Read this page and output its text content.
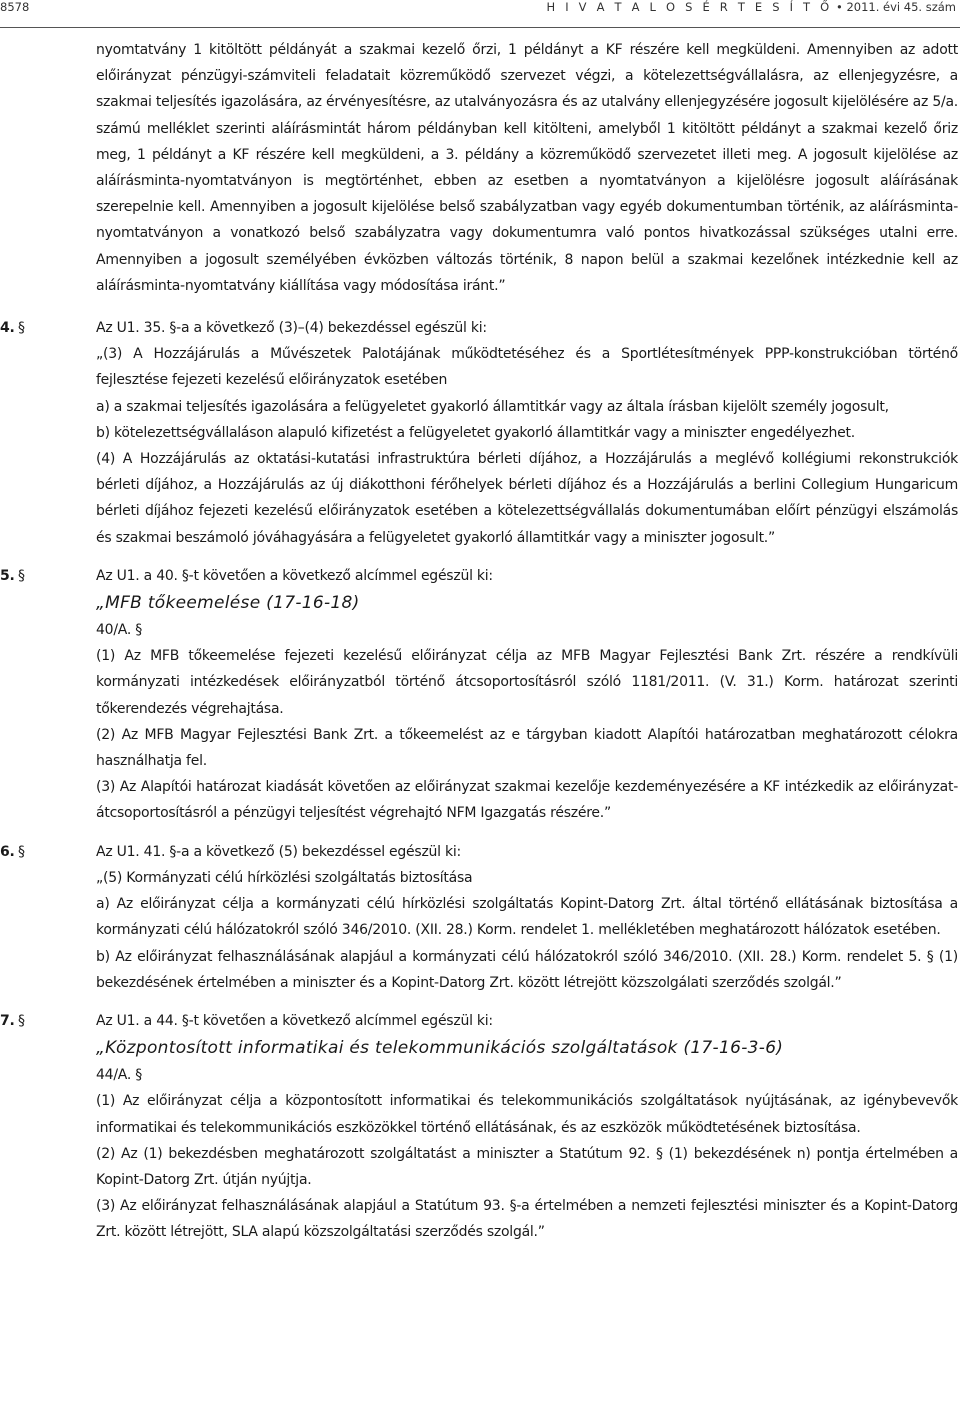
8578	H I V A T A L O S É R T E S Í T Ő • 2011. évi 45. szám

nyomtatvány 1 kitöltött példányát a szakmai kezelő őrzi, 1 példányt a KF részére kell megküldeni. Amennyiben az adott előirányzat pénzügyi-számviteli feladatait közreműködő szervezet végzi, a kötelezettségvállalásra, az ellenjegyzésre, a szakmai teljesítés igazolására, az érvényesítésre, az utalványozásra és az utalvány ellenjegyzésére jogosult kijelölésére az 5/a. számú melléklet szerinti aláírásmintát három példányban kell kitölteni, amelyből 1 kitöltött példányt a szakmai kezelő őriz meg, 1 példányt a KF részére kell megküldeni, a 3. példány a közreműködő szervezetet illeti meg. A jogosult kijelölése az aláírásminta-nyomtatványon is megtörténhet, ebben az esetben a nyomtatványon a kijelölésre jogosult aláírásának szerepelnie kell. Amennyiben a jogosult kijelölése belső szabályzatban vagy egyéb dokumentumban történik, az aláírásminta-nyomtatványon a vonatkozó belső szabályzatra vagy dokumentumra való pontos hivatkozással szükséges utalni erre. Amennyiben a jogosult személyében évközben változás történik, 8 napon belül a szakmai kezelőnek intézkednie kell az aláírásminta-nyomtatvány kiállítása vagy módosítása iránt.”

4. §	Az U1. 35. §-a a következő (3)–(4) bekezdéssel egészül ki:

„(3) A Hozzájárulás a Művészetek Palotájának működtetéséhez és a Sportlétesítmények PPP-konstrukcióban történő fejlesztése fejezeti kezelésű előirányzatok esetében

a) a szakmai teljesítés igazolására a felügyeletet gyakorló államtitkár vagy az általa írásban kijelölt személy jogosult,

b) kötelezettségvállaláson alapuló kifizetést a felügyeletet gyakorló államtitkár vagy a miniszter engedélyezhet.

(4) A Hozzájárulás az oktatási-kutatási infrastruktúra bérleti díjához, a Hozzájárulás a meglévő kollégiumi rekonstrukciók bérleti díjához, a Hozzájárulás az új diákotthoni férőhelyek bérleti díjához és a Hozzájárulás a berlini Collegium Hungaricum bérleti díjához fejezeti kezelésű előirányzatok esetében a kötelezettségvállalás dokumentumában előírt pénzügyi elszámolás és szakmai beszámoló jóváhagyására a felügyeletet gyakorló államtitkár vagy a miniszter jogosult.”

5. §	Az U1. a 40. §-t követően a következő alcímmel egészül ki:

„MFB tőkeemelése (17-16-18)

40/A. §

(1) Az MFB tőkeemelése fejezeti kezelésű előirányzat célja az MFB Magyar Fejlesztési Bank Zrt. részére a rendkívüli kormányzati intézkedések előirányzatból történő átcsoportosításról szóló 1181/2011. (V. 31.) Korm. határozat szerinti tőkerendezés végrehajtása.

(2) Az MFB Magyar Fejlesztési Bank Zrt. a tőkeemelést az e tárgyban kiadott Alapítói határozatban meghatározott célokra használhatja fel.

(3) Az Alapítói határozat kiadását követően az előirányzat szakmai kezelője kezdeményezésére a KF intézkedik az előirányzat-átcsoportosításról a pénzügyi teljesítést végrehajtó NFM Igazgatás részére.”

6. §	Az U1. 41. §-a a következő (5) bekezdéssel egészül ki:

„(5) Kormányzati célú hírközlési szolgáltatás biztosítása

a) Az előirányzat célja a kormányzati célú hírközlési szolgáltatás Kopint-Datorg Zrt. által történő ellátásának biztosítása a kormányzati célú hálózatokról szóló 346/2010. (XII. 28.) Korm. rendelet 1. mellékletében meghatározott hálózatok esetében.

b) Az előirányzat felhasználásának alapjául a kormányzati célú hálózatokról szóló 346/2010. (XII. 28.) Korm. rendelet 5. § (1) bekezdésének értelmében a miniszter és a Kopint-Datorg Zrt. között létrejött közszolgálati szerződés szolgál.”

7. §	Az U1. a 44. §-t követően a következő alcímmel egészül ki:

„Központosított informatikai és telekommunikációs szolgáltatások (17-16-3-6)

44/A. §

(1) Az előirányzat célja a központosított informatikai és telekommunikációs szolgáltatások nyújtásának, az igénybevevők informatikai és telekommunikációs eszközökkel történő ellátásának, és az eszközök működtetésének biztosítása.

(2) Az (1) bekezdésben meghatározott szolgáltatást a miniszter a Statútum 92. § (1) bekezdésének n) pontja értelmében a Kopint-Datorg Zrt. útján nyújtja.

(3) Az előirányzat felhasználásának alapjául a Statútum 93. §-a értelmében a nemzeti fejlesztési miniszter és a Kopint-Datorg Zrt. között létrejött, SLA alapú közszolgáltatási szerződés szolgál.”
